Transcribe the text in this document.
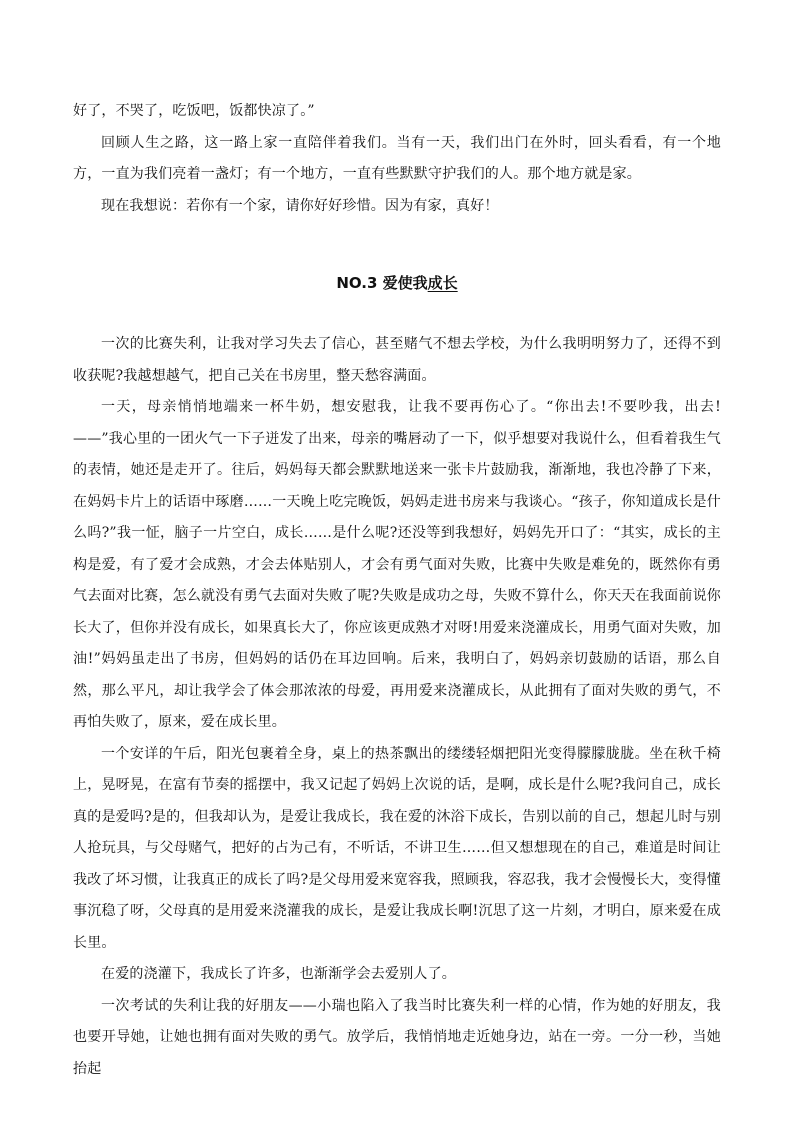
好了，不哭了，吃饭吧，饭都快凉了。”

回顾人生之路，这一路上家一直陪伴着我们。当有一天，我们出门在外时，回头看看，有一个地方，一直为我们亮着一盏灯；有一个地方，一直有些默默守护我们的人。那个地方就是家。

现在我想说：若你有一个家，请你好好珍惜。因为有家，真好！

NO.3 爱使我成长

一次的比赛失利，让我对学习失去了信心，甚至赌气不想去学校，为什么我明明努力了，还得不到收获呢?我越想越气，把自己关在书房里，整天愁容满面。

一天，母亲悄悄地端来一杯牛奶，想安慰我，让我不要再伤心了。“你出去!不要吵我，出去!——”我心里的一团火气一下子迸发了出来，母亲的嘴唇动了一下，似乎想要对我说什么，但看着我生气的表情，她还是走开了。往后，妈妈每天都会默默地送来一张卡片鼓励我，渐渐地，我也冷静了下来，在妈妈卡片上的话语中琢磨……一天晚上吃完晚饭，妈妈走进书房来与我谈心。“孩子，你知道成长是什么吗?”我一怔，脑子一片空白，成长……是什么呢?还没等到我想好，妈妈先开口了：“其实，成长的主构是爱，有了爱才会成熟，才会去体贴别人，才会有勇气面对失败，比赛中失败是难免的，既然你有勇气去面对比赛，怎么就没有勇气去面对失败了呢?失败是成功之母，失败不算什么，你天天在我面前说你长大了，但你并没有成长，如果真长大了，你应该更成熟才对呀!用爱来浇灌成长，用勇气面对失败，加油!”妈妈虽走出了书房，但妈妈的话仍在耳边回响。后来，我明白了，妈妈亲切鼓励的话语，那么自然，那么平凡，却让我学会了体会那浓浓的母爱，再用爱来浇灌成长，从此拥有了面对失败的勇气，不再怕失败了，原来，爱在成长里。

一个安详的午后，阳光包裹着全身，桌上的热茶飘出的缕缕轻烟把阳光变得朦朦胧胧。坐在秋千椅上，晃呀晃，在富有节奏的摇摆中，我又记起了妈妈上次说的话，是啊，成长是什么呢?我问自己，成长真的是爱吗?是的，但我却认为，是爱让我成长，我在爱的沐浴下成长，告别以前的自己，想起儿时与别人抢玩具，与父母赌气，把好的占为己有，不听话，不讲卫生……但又想想现在的自己，难道是时间让我改了坏习惯，让我真正的成长了吗?是父母用爱来宽容我，照顾我，容忍我，我才会慢慢长大，变得懂事沉稳了呀，父母真的是用爱来浇灌我的成长，是爱让我成长啊!沉思了这一片刻，才明白，原来爱在成长里。

在爱的浇灌下，我成长了许多，也渐渐学会去爱别人了。

一次考试的失利让我的好朋友——小瑞也陷入了我当时比赛失利一样的心情，作为她的好朋友，我也要开导她，让她也拥有面对失败的勇气。放学后，我悄悄地走近她身边，站在一旁。一分一秒，当她抬起
